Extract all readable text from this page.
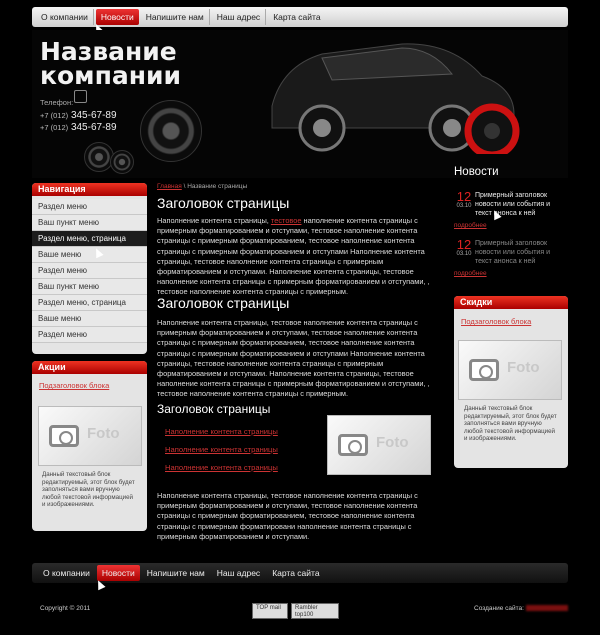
О компании	Новости	Напишите нам	Наш адрес	Карта сайта
Название
компании
Телефон:
+7 (012) 345-67-89
+7 (012) 345-67-89
Навигация
Раздел меню
Ваш пункт меню
Раздел меню, страница
Ваше меню
Раздел меню
Ваш пункт меню
Раздел меню, страница
Ваше меню
Раздел меню
Акции
Подзаголовок блока
Foto
Данный текстовый блок редактируемый, этот блок будет заполняться вами вручную любой текстовой информацией и изображениями.
Главная \ Название страницы
Заголовок страницы
Наполнение контента страницы, тестовое наполнение контента страницы с примерным форматированием и отступами, тестовое наполнение контента страницы с примерным форматированием, тестовое наполнение контента страницы с примерным форматированием и отступами Наполнение контента страницы, тестовое наполнение контента страницы с примерным форматированием и отступами. Наполнение контента страницы, тестовое наполнение контента страницы с примерным форматированием и отступами, , тестовое наполнение контента страницы с примерным.
Заголовок страницы
Наполнение контента страницы, тестовое наполнение контента страницы с примерным форматированием и отступами, тестовое наполнение контента страницы с примерным форматированием, тестовое наполнение контента страницы с примерным форматированием и отступами Наполнение контента страницы, тестовое наполнение контента страницы с примерным форматированием и отступами. Наполнение контента страницы, тестовое наполнение контента страницы с примерным форматированием и отступами, , тестовое наполнение контента страницы с примерным.
Заголовок страницы
Наполнение контента страницы
Наполнение контента страницы
Наполнение контента страницы
Foto
Наполнение контента страницы, тестовое наполнение контента страницы с примерным форматированием и отступами, тестовое наполнение контента страницы с примерным форматированием, тестовое наполнение контента страницы с примерным форматировани наполнение контента страницы с примерным форматированием и отступами.
Новости
12
03.10
Примерный заголовок новости или события и текст анонса к ней
подробнее
12
03.10
Примерный заголовок новости или события и текст анонса к ней
подробнее
Скидки
Подзаголовок блока
Foto
Данный текстовый блок редактируемый, этот блок будет заполняться вами вручную любой текстовой информацией и изображениями.
О компании	Новости	Напишите нам	Наш адрес	Карта сайта
Copyright © 2011	TOP mail	Rambler top100
Создание сайта:
